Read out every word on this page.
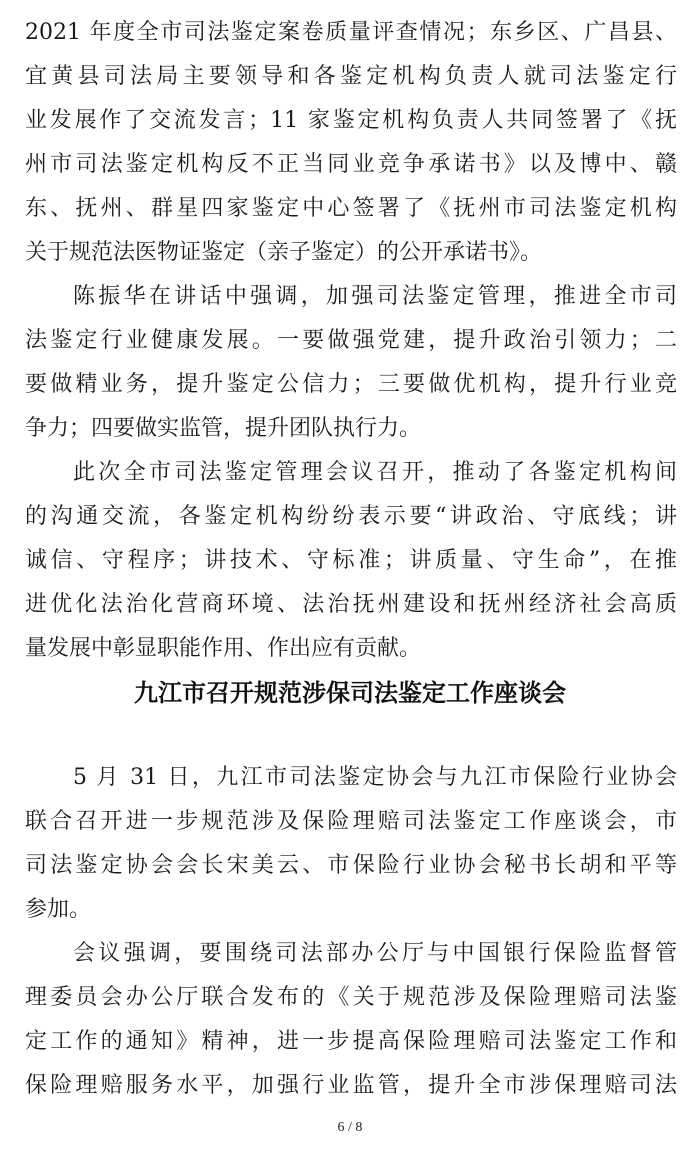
2021 年度全市司法鉴定案卷质量评查情况；东乡区、广昌县、
宜黄县司法局主要领导和各鉴定机构负责人就司法鉴定行
业发展作了交流发言；11 家鉴定机构负责人共同签署了《抚
州市司法鉴定机构反不正当同业竞争承诺书》以及博中、赣
东、抚州、群星四家鉴定中心签署了《抚州市司法鉴定机构
关于规范法医物证鉴定（亲子鉴定）的公开承诺书》。
陈振华在讲话中强调，加强司法鉴定管理，推进全市司
法鉴定行业健康发展。一要做强党建，提升政治引领力；二
要做精业务，提升鉴定公信力；三要做优机构，提升行业竞
争力；四要做实监管，提升团队执行力。
此次全市司法鉴定管理会议召开，推动了各鉴定机构间
的沟通交流，各鉴定机构纷纷表示要“讲政治、守底线；讲
诚信、守程序；讲技术、守标准；讲质量、守生命”，在推
进优化法治化营商环境、法治抚州建设和抚州经济社会高质
量发展中彰显职能作用、作出应有贡献。
九江市召开规范涉保司法鉴定工作座谈会
5 月 31 日，九江市司法鉴定协会与九江市保险行业协会
联合召开进一步规范涉及保险理赔司法鉴定工作座谈会，市
司法鉴定协会会长宋美云、市保险行业协会秘书长胡和平等
参加。
会议强调，要围绕司法部办公厅与中国银行保险监督管
理委员会办公厅联合发布的《关于规范涉及保险理赔司法鉴
定工作的通知》精神，进一步提高保险理赔司法鉴定工作和
保险理赔服务水平，加强行业监管，提升全市涉保理赔司法
6 / 8
